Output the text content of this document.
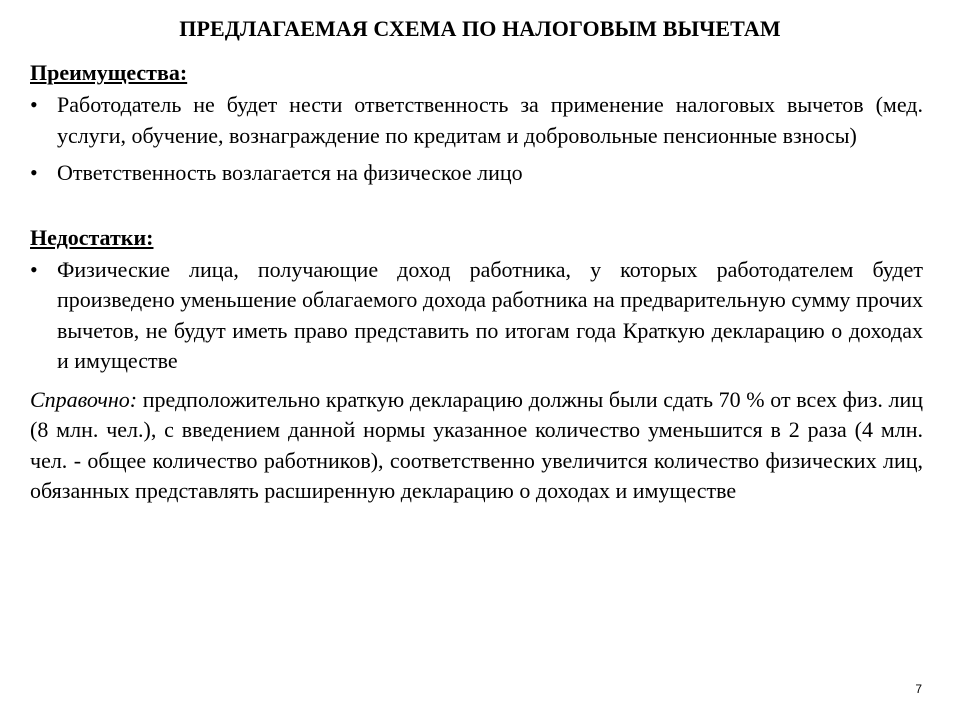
ПРЕДЛАГАЕМАЯ СХЕМА ПО НАЛОГОВЫМ ВЫЧЕТАМ

Преимущества:

• Работодатель не будет нести ответственность за применение налоговых вычетов (мед. услуги, обучение, вознаграждение по кредитам и добровольные пенсионные взносы)

• Ответственность возлагается на физическое лицо

Недостатки:

• Физические лица, получающие доход работника, у которых работодателем будет произведено уменьшение облагаемого дохода работника на предварительную сумму прочих вычетов, не будут иметь право представить по итогам года Краткую декларацию о доходах и имуществе

Справочно: предположительно краткую декларацию должны были сдать 70 % от всех физ. лиц (8 млн. чел.), с введением данной нормы указанное количество уменьшится в 2 раза (4 млн. чел. - общее количество работников), соответственно увеличится количество физических лиц, обязанных представлять расширенную декларацию о доходах и имуществе

7
